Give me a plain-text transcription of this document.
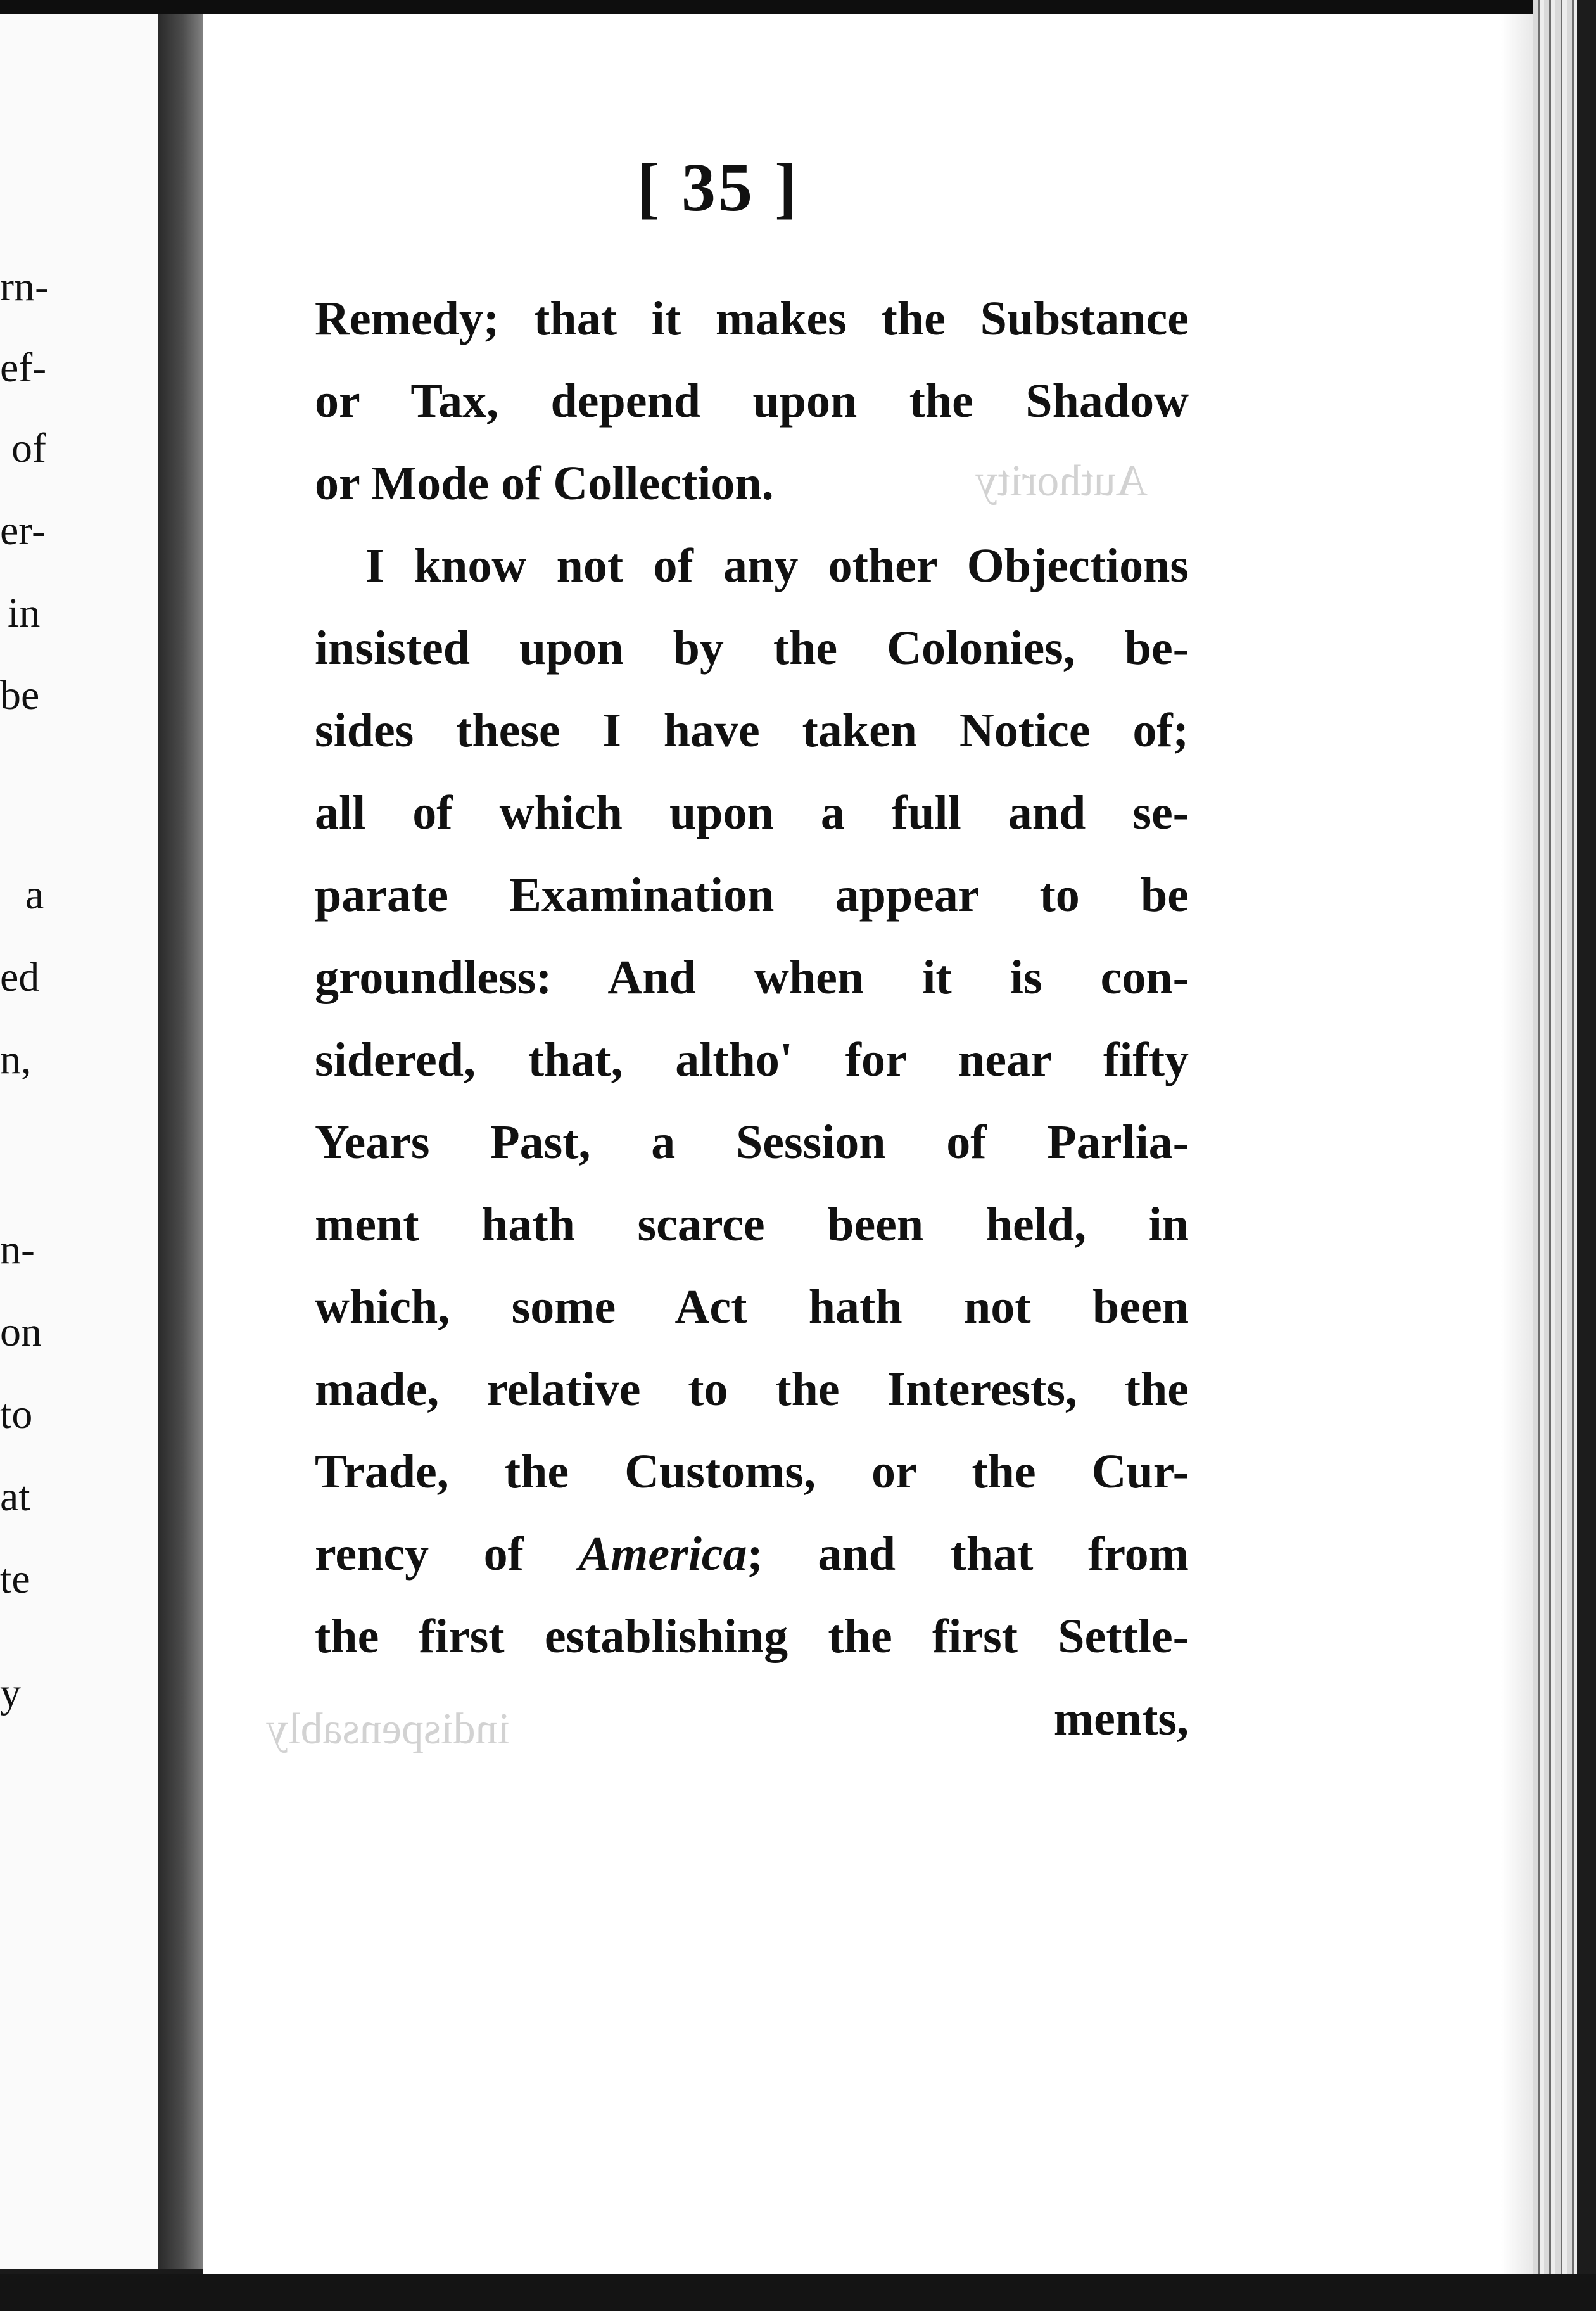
rn-
ef-
of
er-
in
be
a
ed
n,
n-
on
to
at
te
y
Authority
indispensably
[ 35 ]
Remedy; that it makes the Substance
or Tax, depend upon the Shadow
or Mode of Collection.
I know not of any other Objections
insisted upon by the Colonies, be-
sides these I have taken Notice of;
all of which upon a full and se-
parate Examination appear to be
groundless: And when it is con-
sidered, that, altho' for near fifty
Years Past, a Session of Parlia-
ment hath scarce been held, in
which, some Act hath not been
made, relative to the Interests, the
Trade, the Customs, or the Cur-
rency of America; and that from
the first establishing the first Settle-
ments,
